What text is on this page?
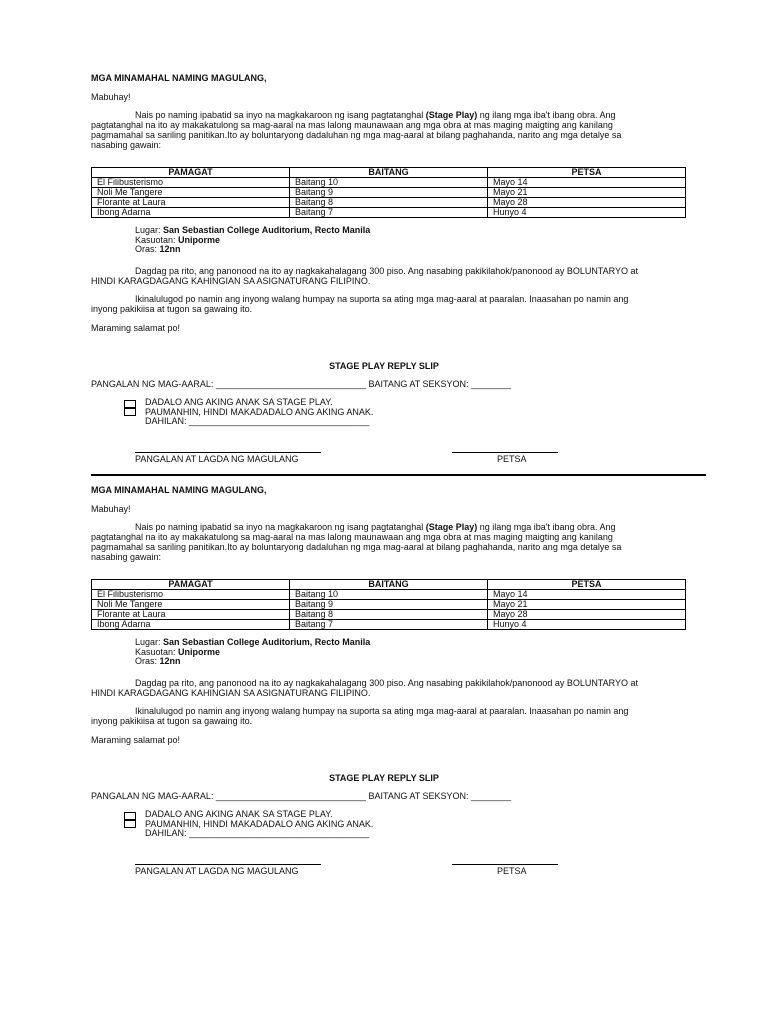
MGA MINAMAHAL NAMING MAGULANG,
Mabuhay!
Nais po naming ipabatid sa inyo na magkakaroon ng isang pagtatanghal (Stage Play) ng ilang mga iba't ibang obra. Ang
pagtatanghal na ito ay makakatulong sa mag-aaral na mas lalong maunawaan ang mga obra at mas maging maigting ang kanilang
pagmamahal sa sariling panitikan.Ito ay boluntaryong dadaluhan ng mga mag-aaral at bilang paghahanda, narito ang mga detalye sa
nasabing gawain:
PAMAGAT	BAITANG	PETSA
El Filibusterismo	Baitang 10	Mayo 14
Noli Me Tangere	Baitang 9	Mayo 21
Florante at Laura	Baitang 8	Mayo 28
Ibong Adarna	Baitang 7	Hunyo 4
Lugar: San Sebastian College Auditorium, Recto Manila
Kasuotan: Uniporme
Oras: 12nn
Dagdag pa rito, ang panonood na ito ay nagkakahalagang 300 piso. Ang nasabing pakikilahok/panonood ay BOLUNTARYO at
HINDI KARAGDAGANG KAHINGIAN SA ASIGNATURANG FILIPINO.
Ikinalulugod po namin ang inyong walang humpay na suporta sa ating mga mag-aaral at paaralan. Inaasahan po namin ang
inyong pakikiisa at tugon sa gawaing ito.
Maraming salamat po!
STAGE PLAY REPLY SLIP
PANGALAN NG MAG-AARAL: ______________________________ BAITANG AT SEKSYON: ________
DADALO ANG AKING ANAK SA STAGE PLAY.
PAUMANHIN, HINDI MAKADADALO ANG AKING ANAK.
DAHILAN: ____________________________________
PANGALAN AT LAGDA NG MAGULANG	PETSA
MGA MINAMAHAL NAMING MAGULANG,
Mabuhay!
Nais po naming ipabatid sa inyo na magkakaroon ng isang pagtatanghal (Stage Play) ng ilang mga iba't ibang obra. Ang
pagtatanghal na ito ay makakatulong sa mag-aaral na mas lalong maunawaan ang mga obra at mas maging maigting ang kanilang
pagmamahal sa sariling panitikan.Ito ay boluntaryong dadaluhan ng mga mag-aaral at bilang paghahanda, narito ang mga detalye sa
nasabing gawain:
PAMAGAT	BAITANG	PETSA
El Filibusterismo	Baitang 10	Mayo 14
Noli Me Tangere	Baitang 9	Mayo 21
Florante at Laura	Baitang 8	Mayo 28
Ibong Adarna	Baitang 7	Hunyo 4
Lugar: San Sebastian College Auditorium, Recto Manila
Kasuotan: Uniporme
Oras: 12nn
Dagdag pa rito, ang panonood na ito ay nagkakahalagang 300 piso. Ang nasabing pakikilahok/panonood ay BOLUNTARYO at
HINDI KARAGDAGANG KAHINGIAN SA ASIGNATURANG FILIPINO.
Ikinalulugod po namin ang inyong walang humpay na suporta sa ating mga mag-aaral at paaralan. Inaasahan po namin ang
inyong pakikiisa at tugon sa gawaing ito.
Maraming salamat po!
STAGE PLAY REPLY SLIP
PANGALAN NG MAG-AARAL: ______________________________ BAITANG AT SEKSYON: ________
DADALO ANG AKING ANAK SA STAGE PLAY.
PAUMANHIN, HINDI MAKADADALO ANG AKING ANAK.
DAHILAN: ____________________________________
PANGALAN AT LAGDA NG MAGULANG	PETSA
